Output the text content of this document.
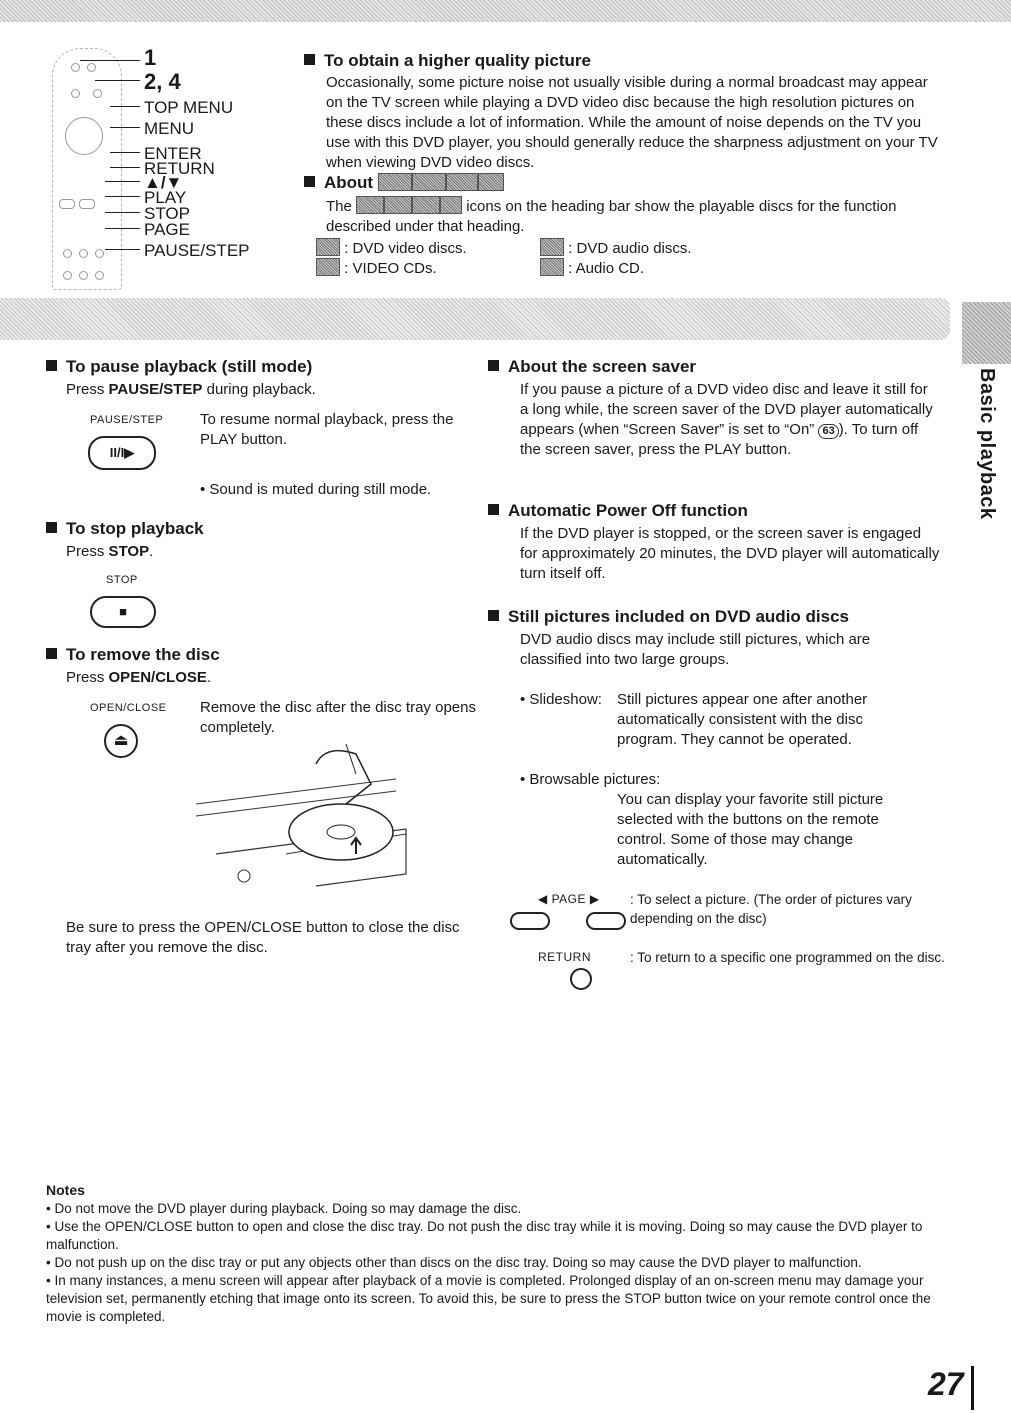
Basic playback
1
2, 4
TOP MENU
MENU
ENTER
RETURN
▲/▼
PLAY
STOP
PAGE
PAUSE/STEP
To obtain a higher quality picture

Occasionally, some picture noise not usually visible during a normal broadcast may appear on the TV screen while playing a DVD video disc because the high resolution pictures on these discs include a lot of information. While the amount of noise depends on the TV you use with this DVD player, you should generally reduce the sharpness adjustment on your TV when viewing DVD video discs.

About

The	icons on the heading bar show the playable discs for the function described under that heading.

: DVD video discs.	: DVD audio discs.
: VIDEO CDs.	: Audio CD.
To pause playback (still mode)

Press PAUSE/STEP during playback.

PAUSE/STEP
II/I▶

To resume normal playback, press the PLAY button.

• Sound is muted during still mode.

To stop playback

Press STOP.

STOP
■
To remove the disc

Press OPEN/CLOSE.

OPEN/CLOSE
⏏

Remove the disc after the disc tray opens completely.

Be sure to press the OPEN/CLOSE button to close the disc tray after you remove the disc.

About the screen saver

If you pause a picture of a DVD video disc and leave it still for a long while, the screen saver of the DVD player automatically appears (when “Screen Saver” is set to “On” 63 ). To turn off the screen saver, press the PLAY button.

Automatic Power Off function

If the DVD player is stopped, or the screen saver is engaged for approximately 20 minutes, the DVD player will automatically turn itself off.

Still pictures included on DVD audio discs

DVD audio discs may include still pictures, which are classified into two large groups.

• Slideshow: Still pictures appear one after another automatically consistent with the disc program. They cannot be operated.

• Browsable pictures:

You can display your favorite still picture selected with the buttons on the remote control. Some of those may change automatically.

◀ PAGE ▶ : To select a picture. (The order of pictures vary depending on the disc)

RETURN	: To return to a specific one programmed on the disc.

Notes
• Do not move the DVD player during playback. Doing so may damage the disc.
• Use the OPEN/CLOSE button to open and close the disc tray. Do not push the disc tray while it is moving. Doing so may cause the DVD player to malfunction.
• Do not push up on the disc tray or put any objects other than discs on the disc tray. Doing so may cause the DVD player to malfunction.
• In many instances, a menu screen will appear after playback of a movie is completed. Prolonged display of an on-screen menu may damage your television set, permanently etching that image onto its screen. To avoid this, be sure to press the STOP button twice on your remote control once the movie is completed.
27
